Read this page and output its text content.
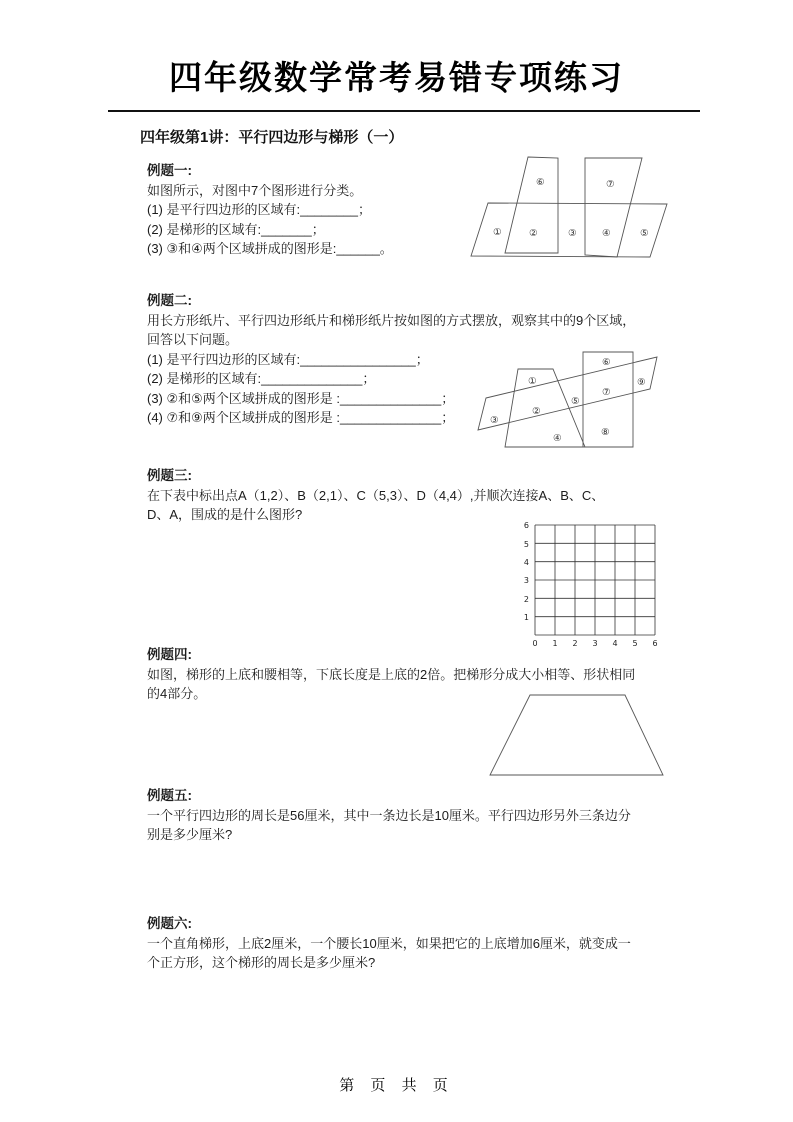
四年级数学常考易错专项练习
四年级第1讲：平行四边形与梯形（一）
例题一:
如图所示，对图中7个图形进行分类。
(1) 是平行四边形的区域有:________；
(2) 是梯形的区域有:_______；
(3) ③和④两个区域拼成的图形是:______。
①	②	③	④	⑤
⑥	⑦
例题二:
用长方形纸片、平行四边形纸片和梯形纸片按如图的方式摆放，观察其中的9个区域，
回答以下问题。
(1) 是平行四边形的区域有:________________；
(2) 是梯形的区域有:______________；
(3) ②和⑤两个区域拼成的图形是 :______________；
(4) ⑦和⑨两个区域拼成的图形是 :______________；
①
②
③
④
⑤
⑥
⑦
⑧
⑨
例题三:
在下表中标出点A（1,2）、B（2,1）、C（5,3）、D（4,4）,并顺次连接A、B、C、
D、A，围成的是什么图形?
6
5
4
3
2
1
0 1 2 3 4 5 6
例题四:
如图，梯形的上底和腰相等，下底长度是上底的2倍。把梯形分成大小相等、形状相同
的4部分。
例题五:
一个平行四边形的周长是56厘米，其中一条边长是10厘米。平行四边形另外三条边分
别是多少厘米?
例题六:
一个直角梯形，上底2厘米，一个腰长10厘米，如果把它的上底增加6厘米，就变成一
个正方形，这个梯形的周长是多少厘米?
第 页 共 页
